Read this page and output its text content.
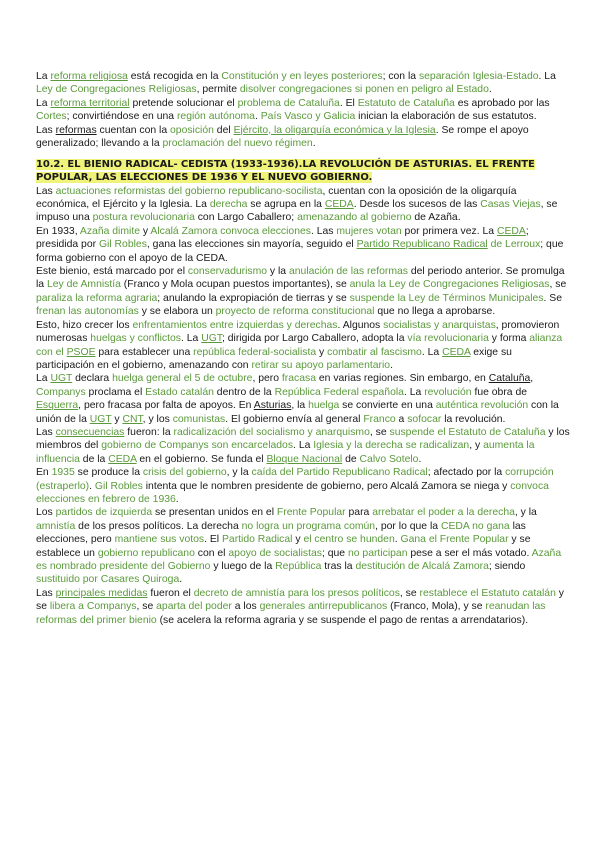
La reforma religiosa está recogida en la Constitución y en leyes posteriores; con la separación Iglesia-Estado. La Ley de Congregaciones Religiosas, permite disolver congregaciones si ponen en peligro al Estado.

La reforma territorial pretende solucionar el problema de Cataluña. El Estatuto de Cataluña es aprobado por las Cortes; convirtiéndose en una región autónoma. País Vasco y Galicia inician la elaboración de sus estatutos.

Las reformas cuentan con la oposición del Ejército, la oligarquía económica y la Iglesia. Se rompe el apoyo generalizado; llevando a la proclamación del nuevo régimen.

10.2. EL BIENIO RADICAL- CEDISTA (1933-1936).LA REVOLUCIÓN DE ASTURIAS. EL FRENTE POPULAR, LAS ELECCIONES DE 1936 Y EL NUEVO GOBIERNO.

Las actuaciones reformistas del gobierno republicano-socilista, cuentan con la oposición de la oligarquía económica, el Ejército y la Iglesia. La derecha se agrupa en la CEDA. Desde los sucesos de las Casas Viejas, se impuso una postura revolucionaria con Largo Caballero; amenazando al gobierno de Azaña.

En 1933, Azaña dimite y Alcalá Zamora convoca elecciones. Las mujeres votan por primera vez. La CEDA; presidida por Gil Robles, gana las elecciones sin mayoría, seguido el Partido Republicano Radical de Lerroux; que forma gobierno con el apoyo de la CEDA.

Este bienio, está marcado por el conservadurismo y la anulación de las reformas del periodo anterior. Se promulga la Ley de Amnistía (Franco y Mola ocupan puestos importantes), se anula la Ley de Congregaciones Religiosas, se paraliza la reforma agraria; anulando la expropiación de tierras y se suspende la Ley de Términos Municipales. Se frenan las autonomías y se elabora un proyecto de reforma constitucional que no llega a aprobarse.

Esto, hizo crecer los enfrentamientos entre izquierdas y derechas. Algunos socialistas y anarquistas, promovieron numerosas huelgas y conflictos. La UGT; dirigida por Largo Caballero, adopta la vía revolucionaria y forma alianza con el PSOE para establecer una república federal-socialista y combatir al fascismo. La CEDA exige su participación en el gobierno, amenazando con retirar su apoyo parlamentario.

La UGT declara huelga general el 5 de octubre, pero fracasa en varias regiones. Sin embargo, en Cataluña, Companys proclama el Estado catalán dentro de la República Federal española. La revolución fue obra de Esquerra, pero fracasa por falta de apoyos. En Asturias, la huelga se convierte en una auténtica revolución con la unión de la UGT y CNT, y los comunistas. El gobierno envía al general Franco a sofocar la revolución.

Las consecuencias fueron: la radicalización del socialismo y anarquismo, se suspende el Estatuto de Cataluña y los miembros del gobierno de Companys son encarcelados. La Iglesia y la derecha se radicalizan, y aumenta la influencia de la CEDA en el gobierno. Se funda el Bloque Nacional de Calvo Sotelo.

En 1935 se produce la crisis del gobierno, y la caída del Partido Republicano Radical; afectado por la corrupción (estraperlo). Gil Robles intenta que le nombren presidente de gobierno, pero Alcalá Zamora se niega y convoca elecciones en febrero de 1936.

Los partidos de izquierda se presentan unidos en el Frente Popular para arrebatar el poder a la derecha, y la amnistía de los presos políticos. La derecha no logra un programa común, por lo que la CEDA no gana las elecciones, pero mantiene sus votos. El Partido Radical y el centro se hunden. Gana el Frente Popular y se establece un gobierno republicano con el apoyo de socialistas; que no participan pese a ser el más votado. Azaña es nombrado presidente del Gobierno y luego de la República tras la destitución de Alcalá Zamora; siendo sustituido por Casares Quiroga.

Las principales medidas fueron el decreto de amnistía para los presos políticos, se restablece el Estatuto catalán y se libera a Companys, se aparta del poder a los generales antirrepublicanos (Franco, Mola), y se reanudan las reformas del primer bienio (se acelera la reforma agraria y se suspende el pago de rentas a arrendatarios).
